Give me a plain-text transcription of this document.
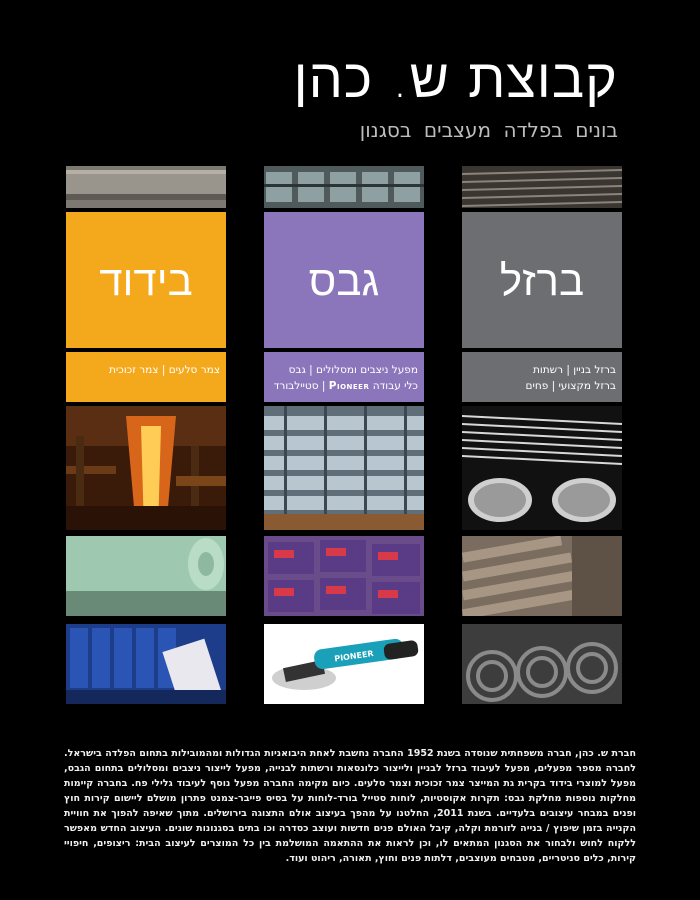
קבוצת ש. כהן
בונים בפלדה מעצבים בסגנון
בידוד
צמר סלעים | צמר זכוכית
גבס
מפעל ניצבים ומסלולים | גבס
כלי עבודה Pioneer | סטיילבורד
PIONEER
ברזל
ברזל בניין | רשתות
ברזל מקצועי | פחים
חברת ש. כהן, חברה משפחתית שנוסדה בשנת 1952 החברה נחשבת לאחת היבואניות הגדולות ומהמובילות בתחום הפלדה בישראל. לחברה מספר מפעלים, מפעל לעיבוד ברזל לבניין ולייצור כלונסאות ורשתות לבנייה, מפעל לייצור ניצבים ומסלולים בתחום הגבס, מפעל למוצרי בידוד בקרית גת המייצר צמר זכוכית וצמר סלעים. כיום מקימה החברה מפעל נוסף לעיבוד גלילי פח. בחברה קיימות מחלקות נוספות מחלקת גבס: תקרות אקוסטיות, לוחות סטייל בורד-לוחות על בסיס פייבר-צמנט פתרון מושלם ליישום קירות חוץ ופנים במבחר עיצובים בלעדיים. בשנת 2011, החלטנו על מהפך בעיצוב אולם התצוגה בירושלים. מתוך שאיפה להפוך את חוויית הקנייה בזמן שיפוץ / בנייה לזורמת וקלה, קיבל האולם פנים חדשות ועוצב כסדרה וכו בתים בסגנונות שונים. העיצוב החדש מאפשר ללקוח לחוש ולבחור את הסגנון המתאים לו, וכן לראות את ההתאמה המושלמת בין כל המוצרים לעיצוב הבית: ריצופים, חיפויי קירות, כלים סניטריים, מטבחים מעוצבים, דלתות פנים וחוץ, תאורה, ריהוט ועוד.
